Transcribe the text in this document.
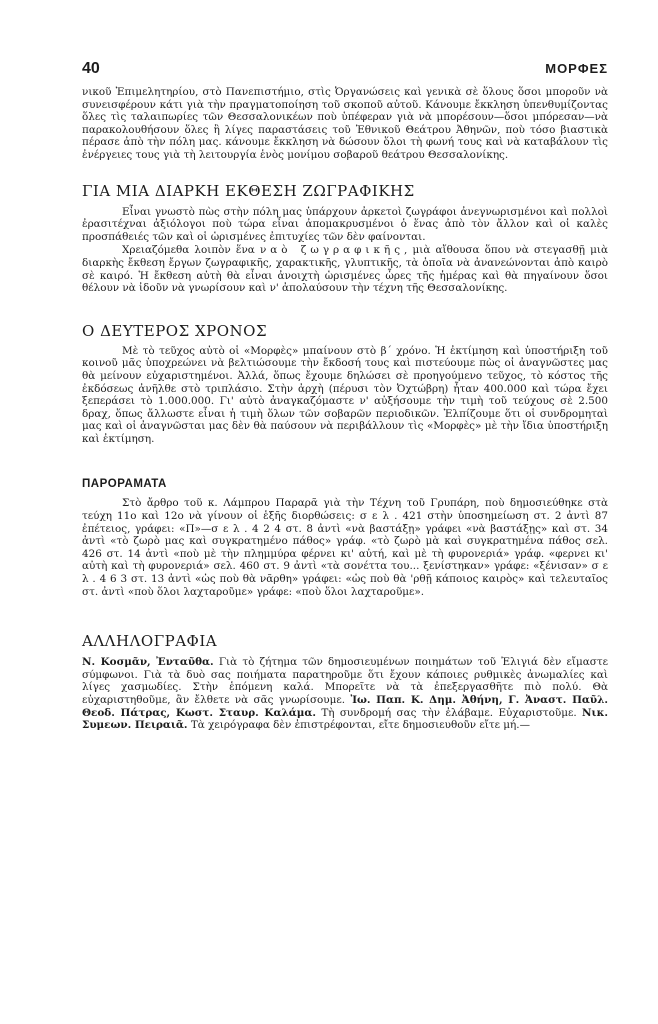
40	ΜΟΡΦΕΣ

νικοῦ Ἐπιμελητηρίου, στὸ Πανεπιστήμιο, στὶς Ὀργανώσεις καὶ γενικὰ σὲ ὅλους ὅσοι μποροῦν νὰ συνεισφέρουν κάτι γιὰ τὴν πραγματοποίηση τοῦ σκοποῦ αὐτοῦ. Κάνουμε ἔκκληση ὑπενθυμίζοντας ὅλες τὶς ταλαιπωρίες τῶν Θεσσαλονικέων ποὺ ὑπέφεραν γιὰ νὰ μπορέσουν—ὅσοι μπόρεσαν—νὰ παρακολουθήσουν ὅλες ἢ λίγες παραστάσεις τοῦ Ἐθνικοῦ Θεάτρου Ἀθηνῶν, ποὺ τόσο βιαστικὰ πέρασε ἀπὸ τὴν πόλη μας. κάνουμε ἔκκληση νὰ δώσουν ὅλοι τὴ φωνή τους καὶ νὰ καταβάλουν τὶς ἐνέργειες τους γιὰ τὴ λειτουργία ἑνὸς μονίμου σοβαροῦ θεάτρου Θεσσαλονίκης.

ΓΙΑ ΜΙΑ ΔΙΑΡΚΗ ΕΚΘΕΣΗ ΖΩΓΡΑΦΙΚΗΣ

Εἶναι γνωστὸ πὼς στὴν πόλη μας ὑπάρχουν ἀρκετοὶ ζωγράφοι ἀνεγνωρισμένοι καὶ πολλοὶ ἐρασιτέχναι ἀξιόλογοι ποὺ τώρα εἶναι ἀπομακρυσμένοι ὁ ἕνας ἀπὸ τὸν ἄλλον καὶ οἱ καλὲς προσπάθειές τῶν καὶ οἱ ὡρισμένες ἐπιτυχίες τῶν δὲν φαίνονται.

Χρειαζόμεθα λοιπὸν ἕνα ναὸ ζωγραφικῆς, μιὰ αἴθουσα ὅπου νὰ στεγασθῇ μιὰ διαρκὴς ἔκθεση ἔργων ζωγραφικῆς, χαρακτικῆς, γλυπτικῆς, τὰ ὁποῖα νὰ ἀνανεώνονται ἀπὸ καιρὸ σὲ καιρό. Ἡ ἔκθεση αὐτὴ θὰ εἶναι ἀνοιχτὴ ὡρισμένες ὧρες τῆς ἡμέρας καὶ θὰ πηγαίνουν ὅσοι θέλουν νὰ ἰδοῦν νὰ γνωρίσουν καὶ ν' ἀπολαύσουν τὴν τέχνη τῆς Θεσσαλονίκης.

Ο ΔΕΥΤΕΡΟΣ ΧΡΟΝΟΣ

Μὲ τὸ τεῦχος αὐτὸ οἱ «Μορφὲς» μπαίνουν στὸ β΄ χρόνο. Ἡ ἐκτίμηση καὶ ὑποστήριξη τοῦ κοινοῦ μᾶς ὑποχρεώνει νὰ βελτιώσουμε τὴν ἔκδοσή τους καὶ πιστεύουμε πὼς οἱ ἀναγνῶστες μας θὰ μείνουν εὐχαριστημένοι. Ἀλλά, ὅπως ἔχουμε δηλώσει σὲ προηγούμενο τεῦχος, τὸ κόστος τῆς ἐκδόσεως ἀνῆλθε στὸ τριπλάσιο. Στὴν ἀρχὴ (πέρυσι τὸν Ὀχτώβρη) ἦταν 400.000 καὶ τώρα ἔχει ξεπεράσει τὸ 1.000.000. Γι' αὐτὸ ἀναγκαζόμαστε ν' αὐξήσουμε τὴν τιμὴ τοῦ τεύχους σὲ 2.500 δραχ, ὅπως ἄλλωστε εἶναι ἡ τιμὴ ὅλων τῶν σοβαρῶν περιοδικῶν. Ἐλπίζουμε ὅτι οἱ συνδρομηταὶ μας καὶ οἱ ἀναγνῶσται μας δὲν θὰ παύσουν νὰ περιβάλλουν τὶς «Μορφὲς» μὲ τὴν ἴδια ὑποστήριξη καὶ ἐκτίμηση.

ΠΑΡΟΡΑΜΑΤΑ

Στὸ ἄρθρο τοῦ κ. Λάμπρου Παραρᾶ γιὰ τὴν Τέχνη τοῦ Γρυπάρη, ποὺ δημοσιεύθηκε στὰ τεύχη 11ο καὶ 12ο νὰ γίνουν οἱ ἑξῆς διορθώσεις: σ ε λ . 421 στὴν ὑποσημείωση στ. 2 ἀντὶ 87 ἐπέτειος, γράφει: «Π»—σ ε λ . 4 2 4 στ. 8 ἀντὶ «νὰ βαστάξῃ» γράφει «νὰ βαστάξῃς» καὶ στ. 34 ἀντὶ «τὸ ζωρὸ μας καὶ συγκρατημένο πάθος» γράφ. «τὸ ζωρὸ μὰ καὶ συγκρατημένα πάθος σελ. 426 στ. 14 ἀντὶ «ποὺ μὲ τὴν πλημμύρα φέρνει κι' αὐτή, καὶ μὲ τὴ φυρονεριά» γράφ. «φερνει κι' αὐτὴ καὶ τὴ φυρονεριά» σελ. 460 στ. 9 ἀντὶ «τὰ σονέττα του... ξενίστηκαν» γράφε: «ξένισαν» σ ε λ . 4 6 3 στ. 13 ἀντὶ «ὡς ποὺ θὰ νᾶρθη» γράφει: «ὡς ποὺ θὰ 'ρθῇ κάποιος καιρὸς» καὶ τελευταῖος στ. ἀντὶ «ποὺ ὅλοι λαχταροῦμε» γράφε: «ποὺ ὅλοι λαχταροῦμε».

ΑΛΛΗΛΟΓΡΑΦΙΑ

Ν. Κοσμᾶν, Ἐνταῦθα. Γιὰ τὸ ζήτημα τῶν δημοσιευμένων ποιημάτων τοῦ Ἐλιγιά δὲν εἴμαστε σύμφωνοι. Γιὰ τὰ δυὸ σας ποιήματα παρατηροῦμε ὅτι ἔχουν κάποιες ρυθμικὲς ἀνωμαλίες καὶ λίγες χασμωδίες. Στὴν ἑπόμενη καλά. Μπορεῖτε νὰ τὰ ἐπεξεργασθῆτε πιὸ πολύ. Θὰ εὐχαριστηθοῦμε, ἂν ἔλθετε νὰ σᾶς γνωρίσουμε. Ἰω. Παπ. Κ. Δημ. Ἀθήνη, Γ. Ἀναστ. Παῦλ. Θεοδ. Πάτρας, Κωστ. Σταυρ. Καλάμα. Τὴ συνδρομή σας τὴν ἐλάβαμε. Εὐχαριστοῦμε. Νικ. Συμεων. Πειραιᾶ. Τὰ χειρόγραφα δὲν ἐπιστρέφονται, εἴτε δημοσιευθοῦν εἴτε μή.—
